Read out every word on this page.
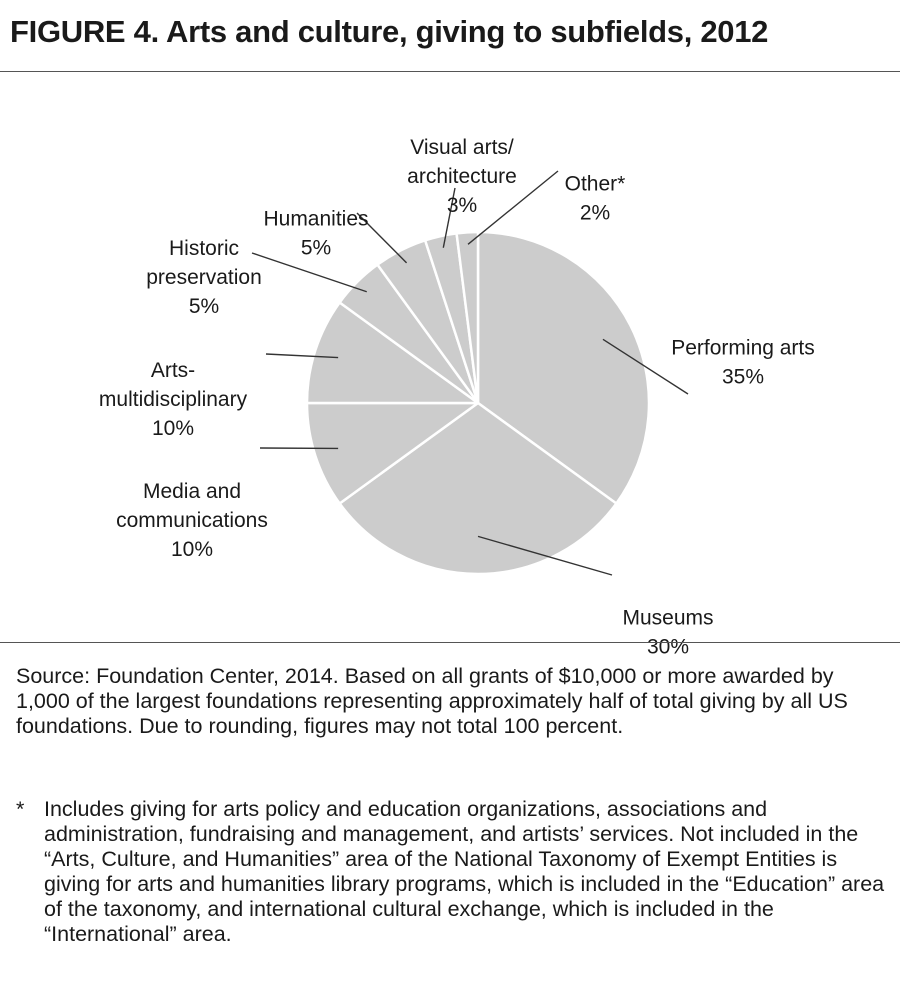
FIGURE 4. Arts and culture, giving to subfields, 2012
Performing arts 35%
Museums 30%
Media and communications 10%
Arts-multidisciplinary 10%
Historic preservation 5%
Humanities 5%
Visual arts/ architecture 3%
Other* 2%
Source: Foundation Center, 2014. Based on all grants of $10,000 or more awarded by 1,000 of the largest foundations representing approximately half of total giving by all US foundations. Due to rounding, figures may not total 100 percent.
* Includes giving for arts policy and education organizations, associations and administration, fundraising and management, and artists’ services. Not included in the “Arts, Culture, and Humanities” area of the National Taxonomy of Exempt Entities is giving for arts and humanities library programs, which is included in the “Education” area of the taxonomy, and international cultural exchange, which is included in the “International” area.
